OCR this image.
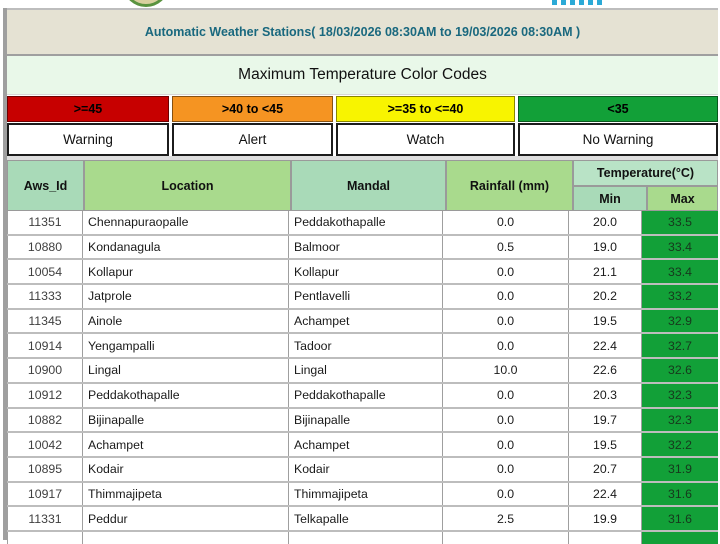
Automatic Weather Stations( 18/03/2026 08:30AM to 19/03/2026 08:30AM )
Maximum Temperature Color Codes
>=45	>40 to <45	>=35 to <=40	<35
Warning	Alert	Watch	No Warning
Aws_Id	Location	Mandal	Rainfall (mm)
Temperature(°C)
Min	Max
11351	Chennapuraopalle	Peddakothapalle	0.0	20.0	33.5
10880	Kondanagula	Balmoor	0.5	19.0	33.4
10054	Kollapur	Kollapur	0.0	21.1	33.4
11333	Jatprole	Pentlavelli	0.0	20.2	33.2
11345	Ainole	Achampet	0.0	19.5	32.9
10914	Yengampalli	Tadoor	0.0	22.4	32.7
10900	Lingal	Lingal	10.0	22.6	32.6
10912	Peddakothapalle	Peddakothapalle	0.0	20.3	32.3
10882	Bijinapalle	Bijinapalle	0.0	19.7	32.3
10042	Achampet	Achampet	0.0	19.5	32.2
10895	Kodair	Kodair	0.0	20.7	31.9
10917	Thimmajipeta	Thimmajipeta	0.0	22.4	31.6
11331	Peddur	Telkapalle	2.5	19.9	31.6
